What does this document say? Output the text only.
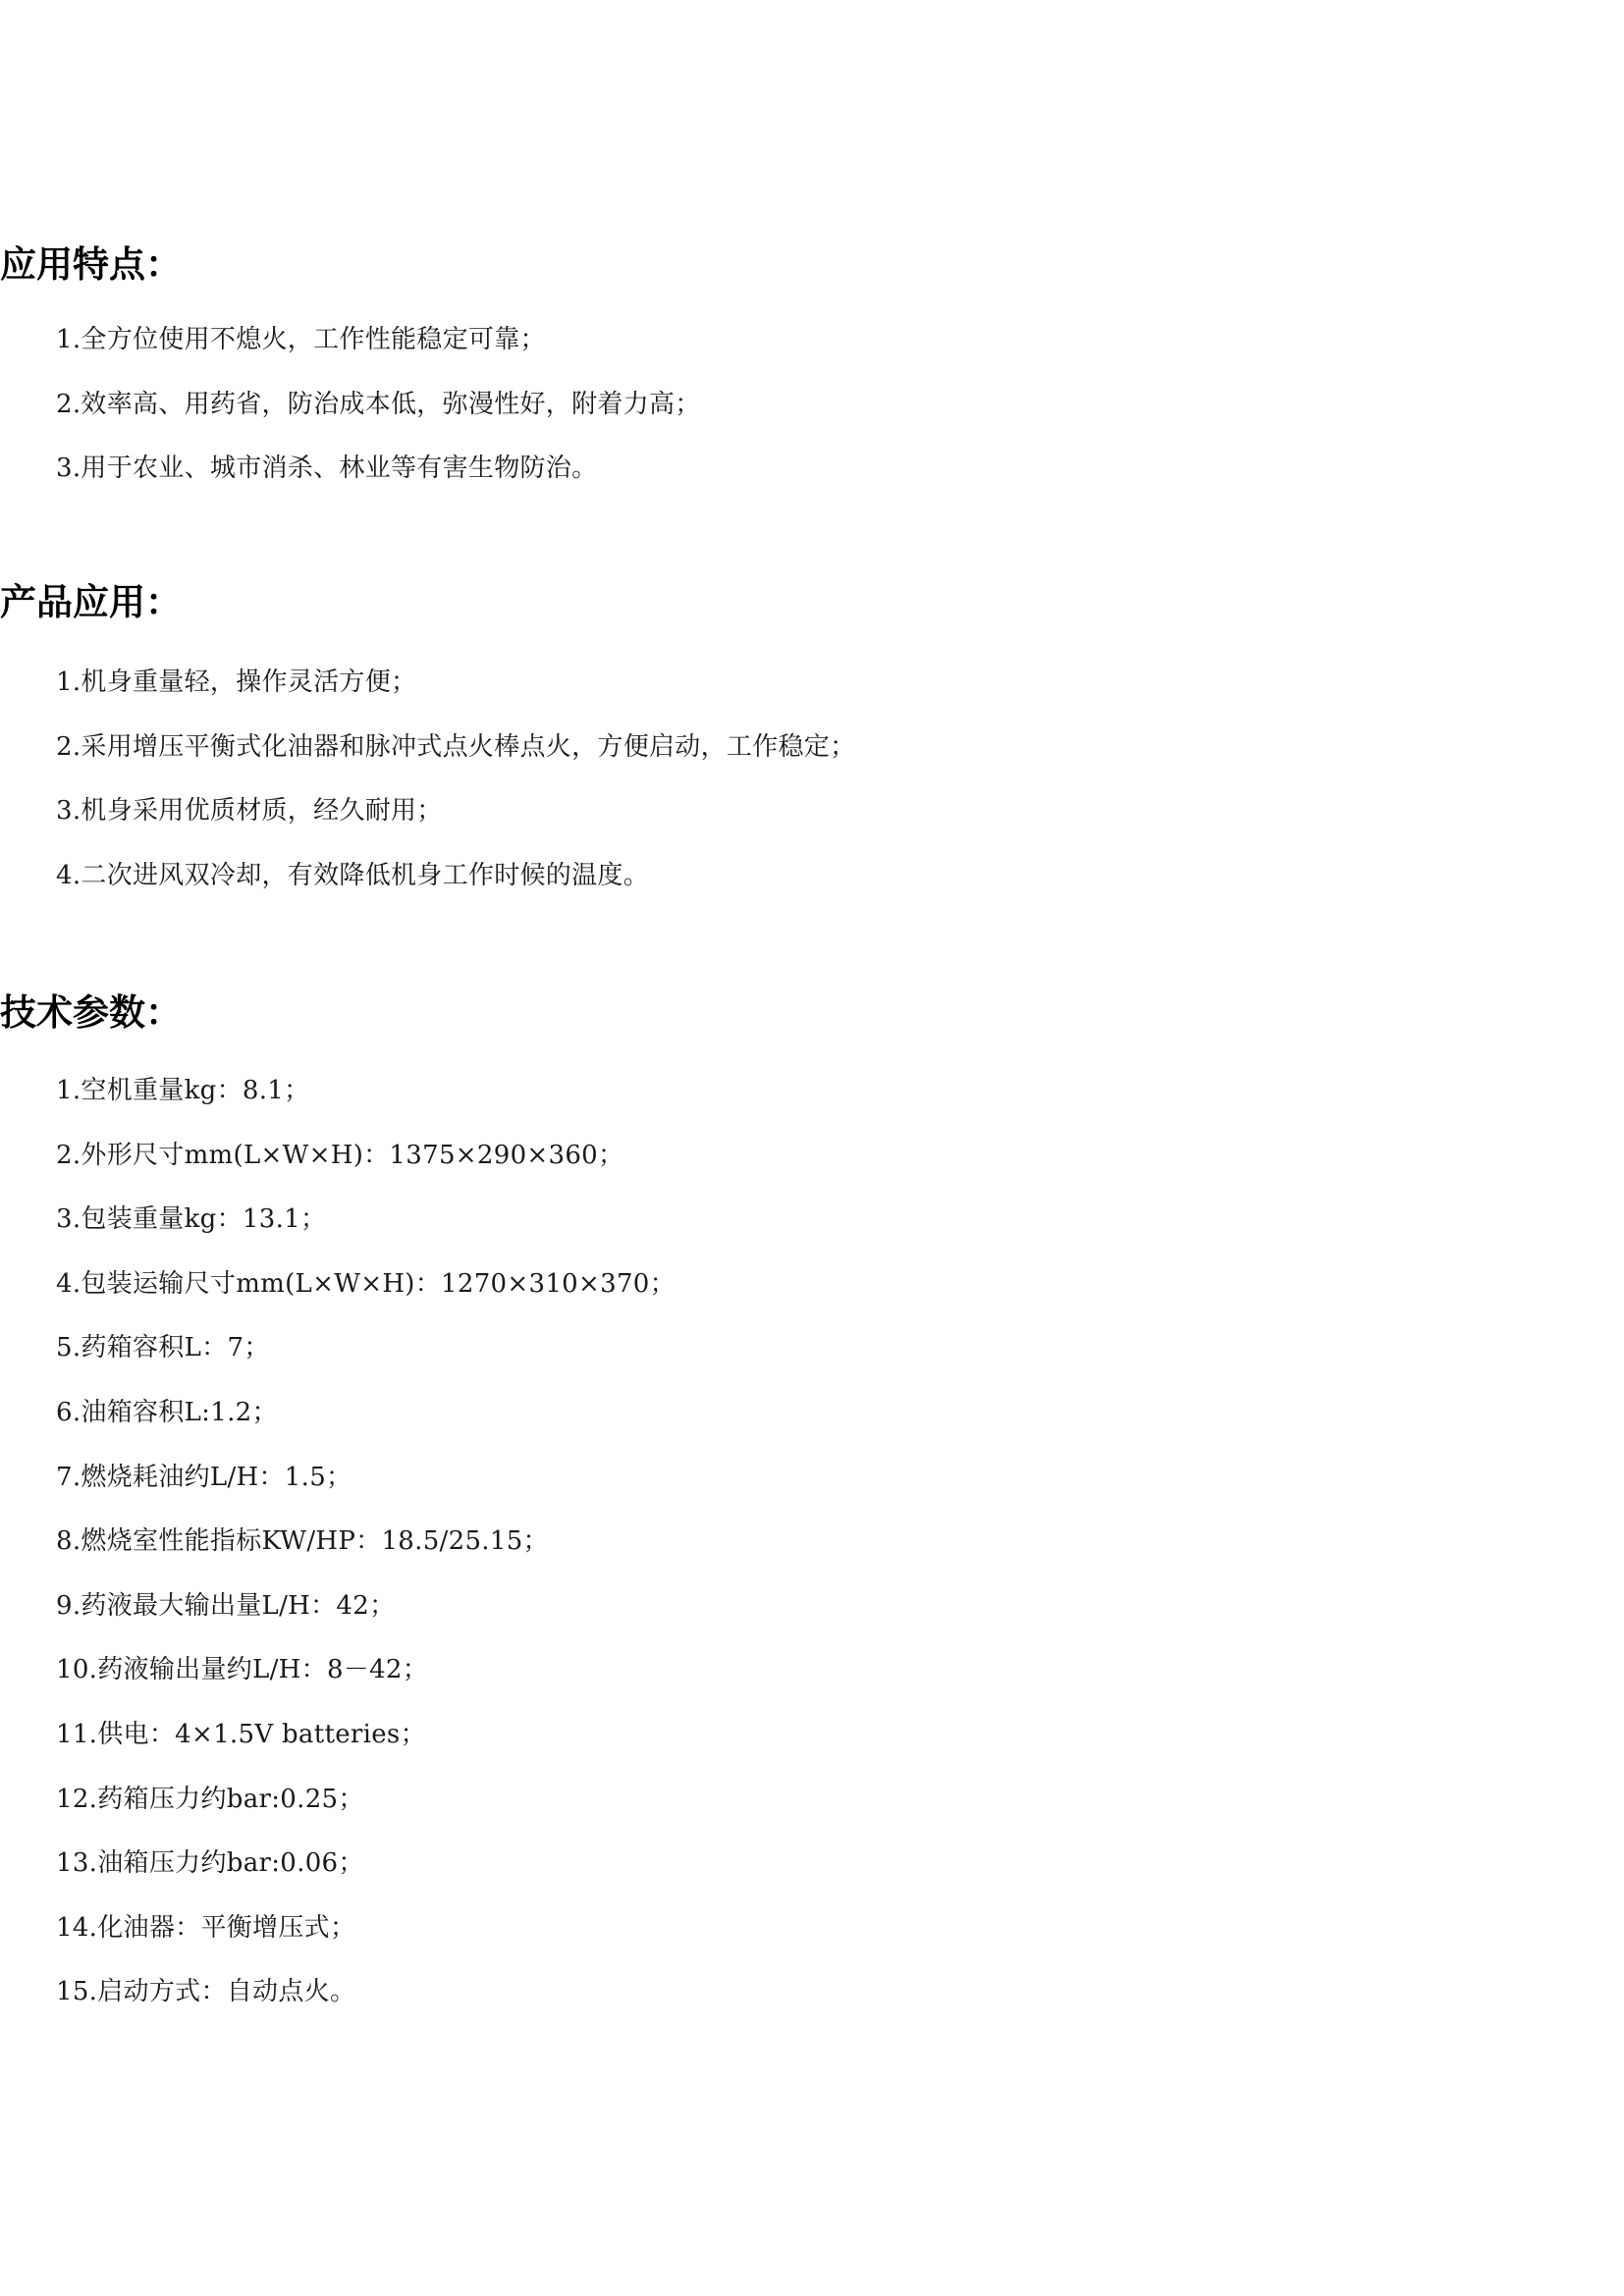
应用特点：
1.全方位使用不熄火，工作性能稳定可靠；
2.效率高、用药省，防治成本低，弥漫性好，附着力高；
3.用于农业、城市消杀、林业等有害生物防治。
产品应用：
1.机身重量轻，操作灵活方便；
2.采用增压平衡式化油器和脉冲式点火棒点火，方便启动，工作稳定；
3.机身采用优质材质，经久耐用；
4.二次进风双冷却，有效降低机身工作时候的温度。
技术参数：
1.空机重量kg：8.1；
2.外形尺寸mm(L×W×H)：1375×290×360；
3.包装重量kg：13.1；
4.包装运输尺寸mm(L×W×H)：1270×310×370；
5.药箱容积L：7；
6.油箱容积L:1.2；
7.燃烧耗油约L/H：1.5；
8.燃烧室性能指标KW/HP：18.5/25.15；
9.药液最大输出量L/H：42；
10.药液输出量约L/H：8－42；
11.供电：4×1.5V batteries；
12.药箱压力约bar:0.25；
13.油箱压力约bar:0.06；
14.化油器：平衡增压式；
15.启动方式：自动点火。
